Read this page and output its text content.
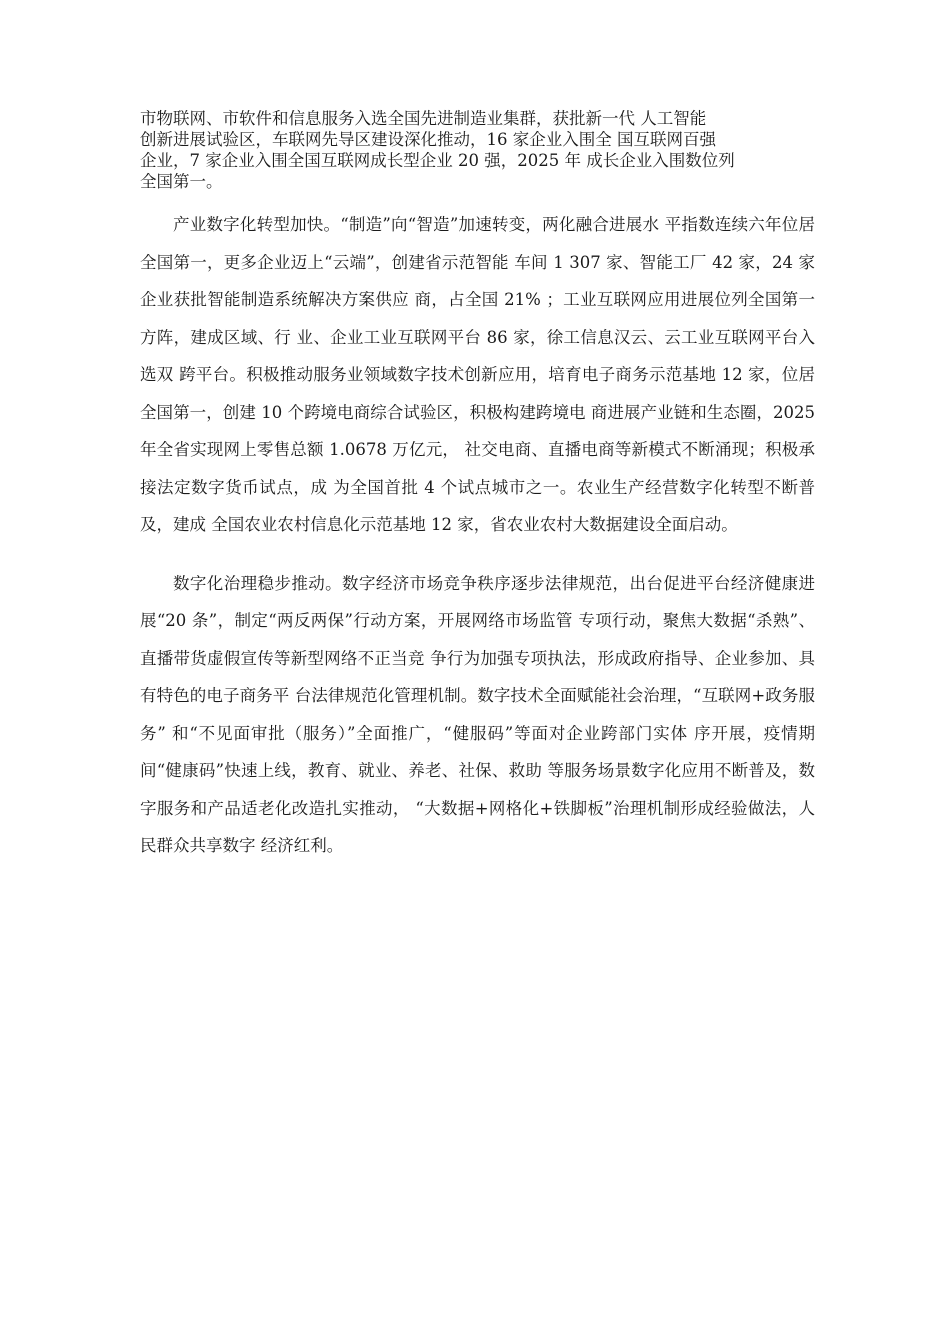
市物联网、市软件和信息服务入选全国先进制造业集群，获批新一代 人工智能
创新进展试验区，车联网先导区建设深化推动，16 家企业入围全 国互联网百强
企业，7 家企业入围全国互联网成长型企业 20 强，2025 年 成长企业入围数位列
全国第一。

产业数字化转型加快。“制造”向“智造”加速转变，两化融合进展水 平指数连续六年位居全国第一，更多企业迈上“云端”，创建省示范智能 车间 1 307 家、智能工厂 42 家，24 家企业获批智能制造系统解决方案供应 商，占全国 21% ；工业互联网应用进展位列全国第一方阵，建成区域、行 业、企业工业互联网平台 86 家，徐工信息汉云、云工业互联网平台入选双 跨平台。积极推动服务业领域数字技术创新应用，培育电子商务示范基地 12 家，位居全国第一，创建 10 个跨境电商综合试验区，积极构建跨境电 商进展产业链和生态圈，2025 年全省实现网上零售总额 1.0678 万亿元， 社交电商、直播电商等新模式不断涌现；积极承接法定数字货币试点，成 为全国首批 4 个试点城市之一。农业生产经营数字化转型不断普及，建成 全国农业农村信息化示范基地 12 家，省农业农村大数据建设全面启动。

数字化治理稳步推动。数字经济市场竞争秩序逐步法律规范，出台促进平台经济健康进展“20 条”，制定“两反两保”行动方案，开展网络市场监管 专项行动，聚焦大数据“杀熟”、直播带货虚假宣传等新型网络不正当竞 争行为加强专项执法，形成政府指导、企业参加、具有特色的电子商务平 台法律规范化管理机制。数字技术全面赋能社会治理，“互联网+政务服务” 和“不见面审批（服务）”全面推广，“健服码”等面对企业跨部门实体 序开展，疫情期间“健康码”快速上线，教育、就业、养老、社保、救助 等服务场景数字化应用不断普及，数字服务和产品适老化改造扎实推动， “大数据+网格化+铁脚板”治理机制形成经验做法，人民群众共享数字 经济红利。
